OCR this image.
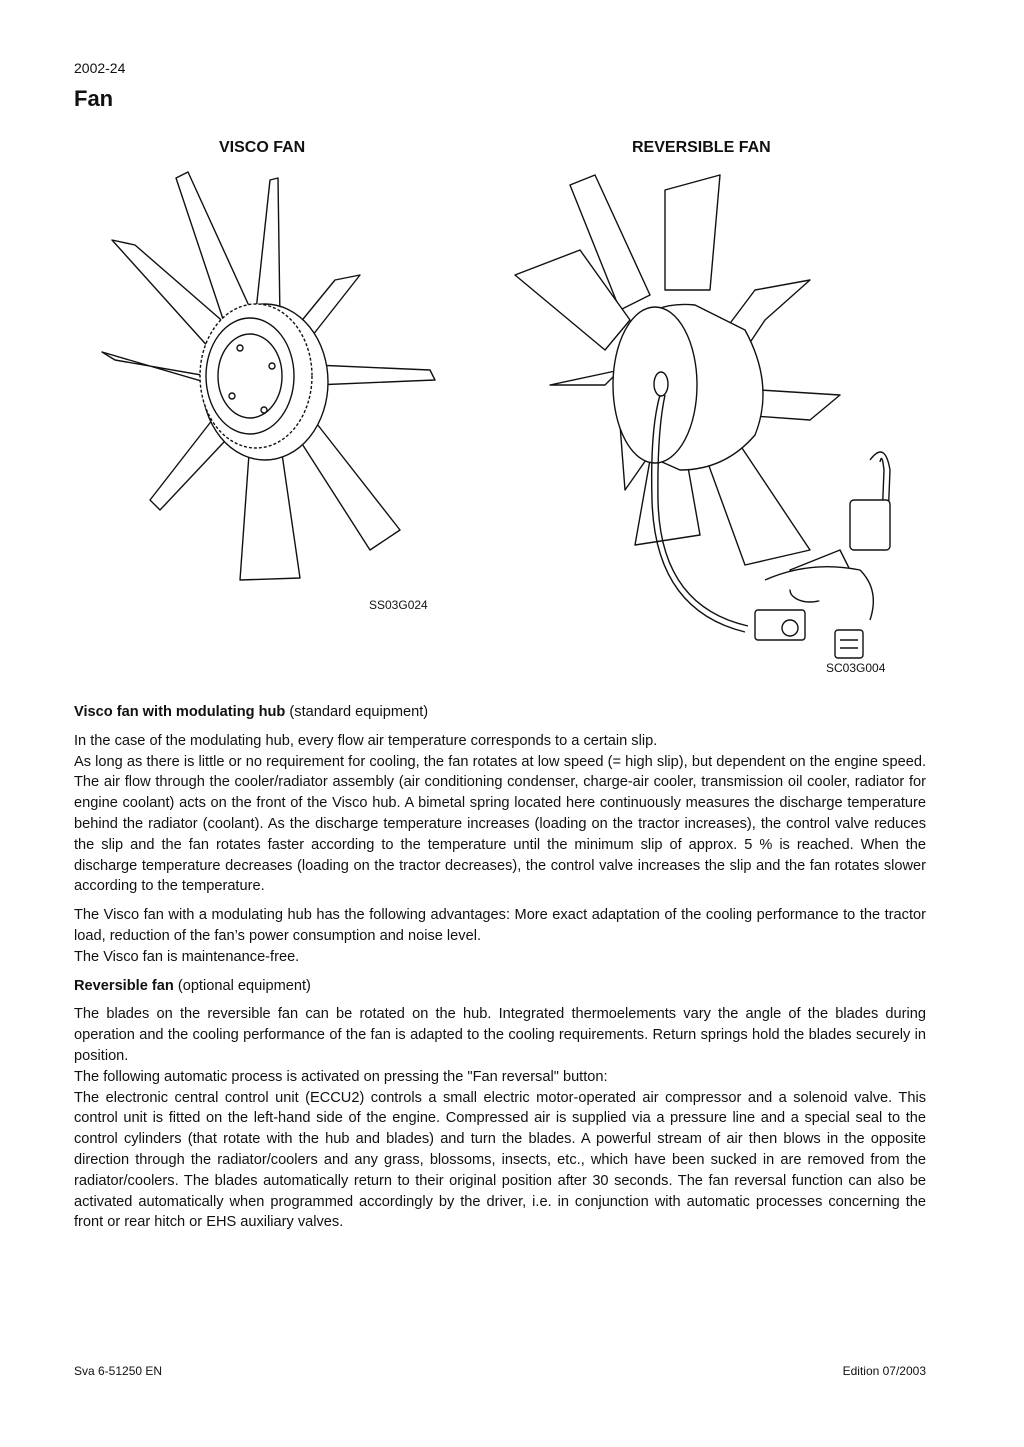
2002-24
Fan
VISCO FAN	REVERSIBLE FAN
SS03G024
SC03G004

Visco fan with modulating hub (standard equipment)

In the case of the modulating hub, every flow air temperature corresponds to a certain slip.
As long as there is little or no requirement for cooling, the fan rotates at low speed (= high slip), but dependent on the engine speed. The air flow through the cooler/radiator assembly (air conditioning condenser, charge-air cooler, transmission oil cooler, radiator for engine coolant) acts on the front of the Visco hub. A bimetal spring located here continuously measures the discharge temperature behind the radiator (coolant). As the discharge temperature increases (loading on the tractor increases), the control valve reduces the slip and the fan rotates faster according to the temperature until the minimum slip of approx. 5 % is reached. When the discharge temperature decreases (loading on the tractor decreases), the control valve increases the slip and the fan rotates slower according to the temperature.

The Visco fan with a modulating hub has the following advantages: More exact adaptation of the cooling performance to the tractor load, reduction of the fan’s power consumption and noise level.
The Visco fan is maintenance-free.

Reversible fan (optional equipment)

The blades on the reversible fan can be rotated on the hub. Integrated thermoelements vary the angle of the blades during operation and the cooling performance of the fan is adapted to the cooling requirements. Return springs hold the blades securely in position.
The following automatic process is activated on pressing the "Fan reversal" button:
The electronic central control unit (ECCU2) controls a small electric motor-operated air compressor and a solenoid valve. This control unit is fitted on the left-hand side of the engine. Compressed air is supplied via a pressure line and a special seal to the control cylinders (that rotate with the hub and blades) and turn the blades. A powerful stream of air then blows in the opposite direction through the radiator/coolers and any grass, blossoms, insects, etc., which have been sucked in are removed from the radiator/coolers. The blades automatically return to their original position after 30 seconds. The fan reversal function can also be activated automatically when programmed accordingly by the driver, i.e. in conjunction with automatic processes concerning the front or rear hitch or EHS auxiliary valves.

Sva 6-51250 EN	Edition 07/2003
